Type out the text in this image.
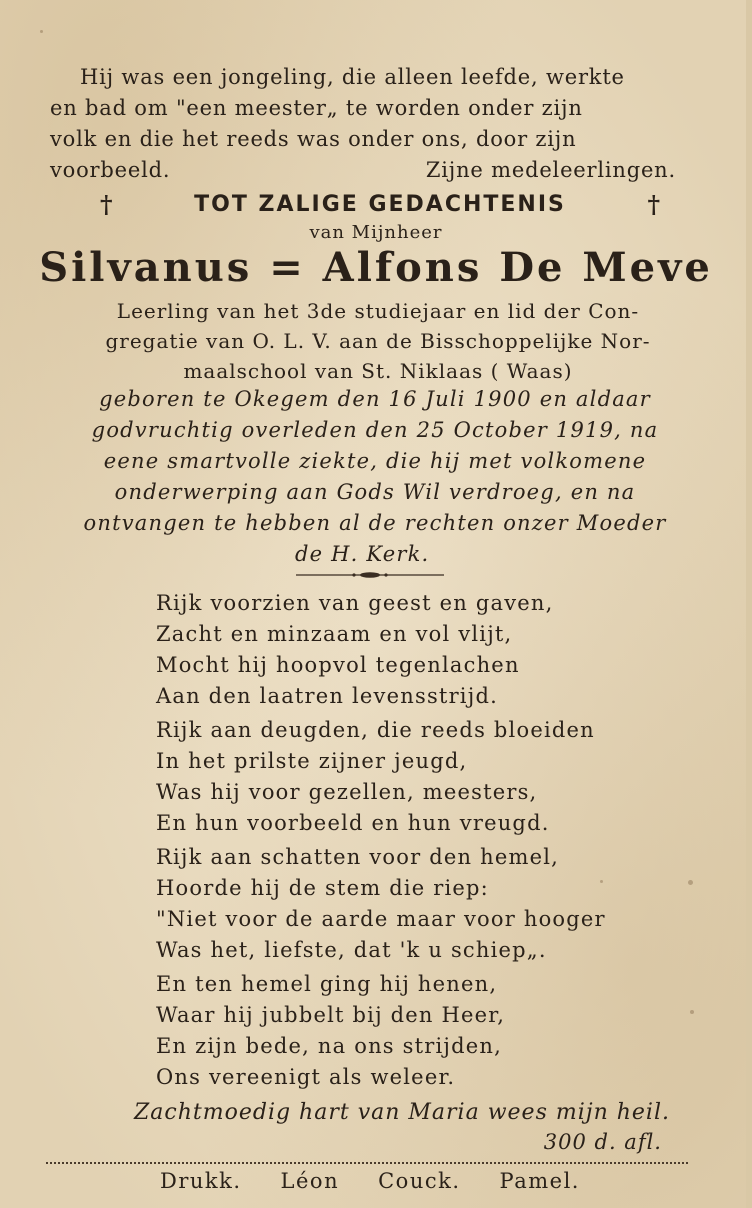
Hij was een jongeling, die alleen leefde, werkte

en bad om "een meester„ te worden onder zijn

volk en die het reeds was onder ons, door zijn

voorbeeld.	Zijne medeleerlingen.
†	TOT ZALIGE GEDACHTENIS	†
van Mijnheer
Silvanus = Alfons De Meve
Leerling van het 3de studiejaar en lid der Con-
gregatie van O. L. V. aan de Bisschoppelijke Nor-
maalschool van St. Niklaas ( Waas)
geboren te Okegem den 16 Juli 1900 en aldaar
godvruchtig overleden den 25 October 1919, na
eene smartvolle ziekte, die hij met volkomene
onderwerping aan Gods Wil verdroeg, en na
ontvangen te hebben al de rechten onzer Moeder
de H. Kerk.
Rijk voorzien van geest en gaven,
Zacht en minzaam en vol vlijt,
Mocht hij hoopvol tegenlachen
Aan den laatren levensstrijd.
Rijk aan deugden, die reeds bloeiden
In het prilste zijner jeugd,
Was hij voor gezellen, meesters,
En hun voorbeeld en hun vreugd.
Rijk aan schatten voor den hemel,
Hoorde hij de stem die riep:
"Niet voor de aarde maar voor hooger
Was het, liefste, dat 'k u schiep„.
En ten hemel ging hij henen,
Waar hij jubbelt bij den Heer,
En zijn bede, na ons strijden,
Ons vereenigt als weleer.
Zachtmoedig hart van Maria wees mijn heil.
300 d. afl.
Drukk. Léon Couck. Pamel.
